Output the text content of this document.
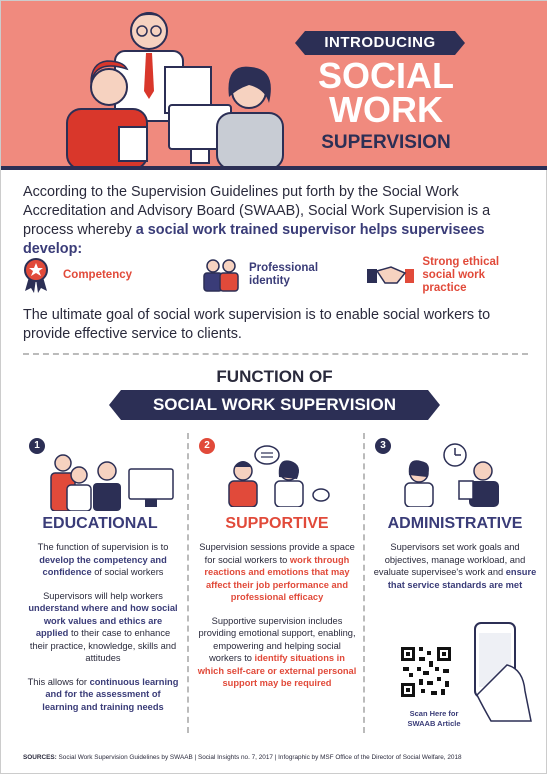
INTRODUCING
SOCIAL
WORK
SUPERVISION
According to the Supervision Guidelines put forth by the Social Work Accreditation and Advisory Board (SWAAB), Social Work Supervision is a process whereby a social work trained supervisor helps supervisees develop:
Competency
Professional
identity
Strong ethical
social work practice
The ultimate goal of social work supervision is to enable social workers to provide effective service to clients.
FUNCTION OF
SOCIAL WORK SUPERVISION
1
EDUCATIONAL

The function of supervision is to develop the competency and confidence of social workers

Supervisors will help workers understand where and how social work values and ethics are applied to their case to enhance their practice, knowledge, skills and attitudes

This allows for continuous learning and for the assessment of learning and training needs

2
SUPPORTIVE

Supervision sessions provide a space for social workers to work through reactions and emotions that may affect their job performance and professional efficacy

Supportive supervision includes providing emotional support, enabling, empowering and helping social workers to identify situations in which self-care or external personal support may be required

3
ADMINISTRATIVE

Supervisors set work goals and objectives, manage workload, and evaluate supervisee's work and ensure that service standards are met

Scan Here for
SWAAB Article
SOURCES: Social Work Supervision Guidelines by SWAAB | Social Insights no. 7, 2017 | Infographic by MSF Office of the Director of Social Welfare, 2018
